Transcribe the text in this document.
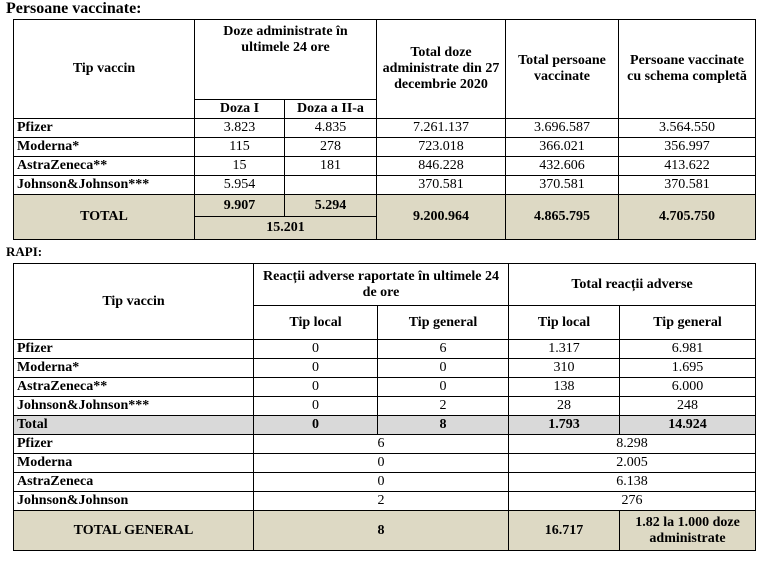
Persoane vaccinate:
Tip vaccin	Doze administrate în ultimele 24 ore		Total doze administrate din 27 decembrie 2020	Total persoane vaccinate	Persoane vaccinate cu schema completă
	Doza I	Doza a II-a			
Pfizer	3.823	4.835	7.261.137	3.696.587	3.564.550
Moderna*	115	278	723.018	366.021	356.997
AstraZeneca**	15	181	846.228	432.606	413.622
Johnson&Johnson***	5.954		370.581	370.581	370.581
TOTAL	9.907	5.294	9.200.964	4.865.795	4.705.750
	15.201				
RAPI:
Tip vaccin	Reacții adverse raportate în ultimele 24 de ore		Total reacții adverse	
	Tip local	Tip general	Tip local	Tip general
Pfizer	0	6	1.317	6.981
Moderna*	0	0	310	1.695
AstraZeneca**	0	0	138	6.000
Johnson&Johnson***	0	2	28	248
Total	0	8	1.793	14.924
Pfizer	6		8.298	
Moderna	0		2.005	
AstraZeneca	0		6.138	
Johnson&Johnson	2		276	
TOTAL GENERAL	8		16.717	1.82 la 1.000 doze administrate
